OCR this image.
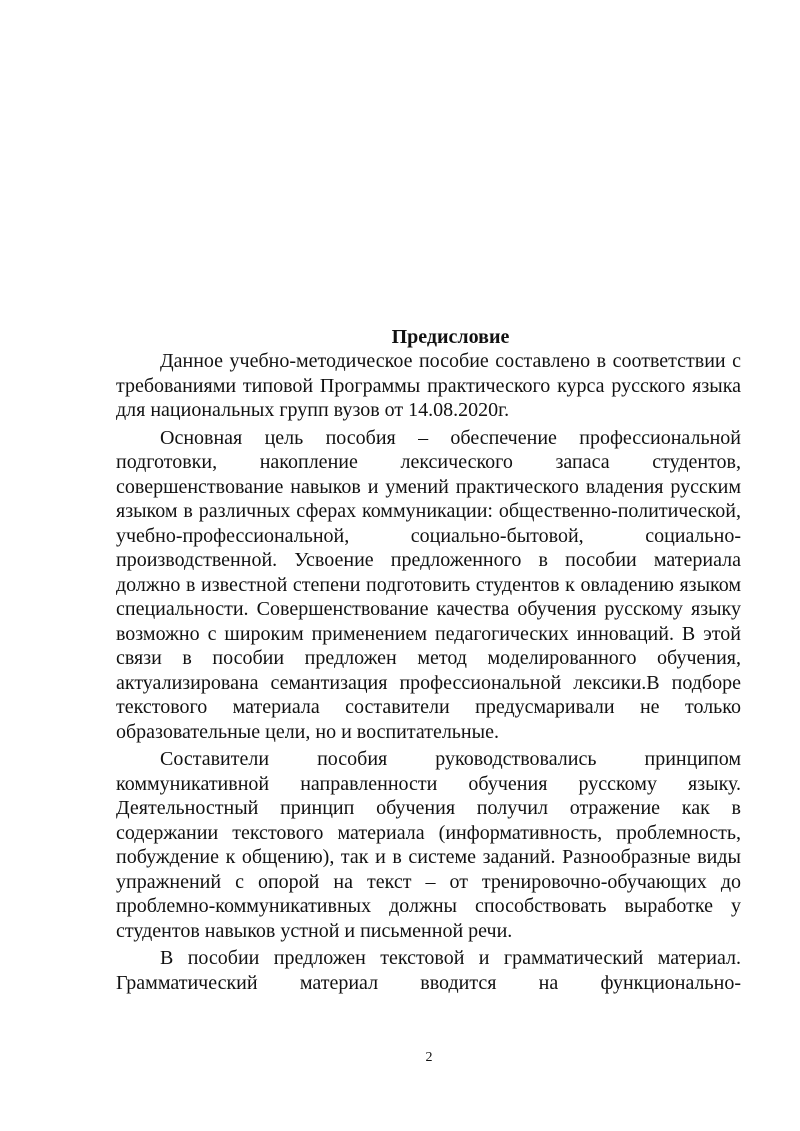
Предисловие

Данное учебно-методическое пособие составлено в соответствии с требованиями типовой Программы практического курса русского языка для национальных групп вузов от 14.08.2020г.

Основная цель пособия – обеспечение профессиональной подготовки, накопление лексического запаса студентов, совершенствование навыков и умений практического владения русским языком в различных сферах коммуникации: общественно-политической, учебно-профессиональной, социально-бытовой, социально-производственной. Усвоение предложенного в пособии материала должно в известной степени подготовить студентов к овладению языком специальности. Совершенствование качества обучения русскому языку возможно с широким применением педагогических инноваций. В этой связи в пособии предложен метод моделированного обучения, актуализирована семантизация профессиональной лексики.В подборе текстового материала составители предусмаривали не только образовательные цели, но и воспитательные.

Составители пособия руководствовались принципом коммуникативной направленности обучения русскому языку. Деятельностный принцип обучения получил отражение как в содержании текстового материала (информативность, проблемность, побуждение к общению), так и в системе заданий. Разнообразные виды упражнений с опорой на текст – от тренировочно-обучающих до проблемно-коммуникативных должны способствовать выработке у студентов навыков устной и письменной речи.

В пособии предложен текстовой и грамматический материал. Грамматический материал вводится на функционально-

2
